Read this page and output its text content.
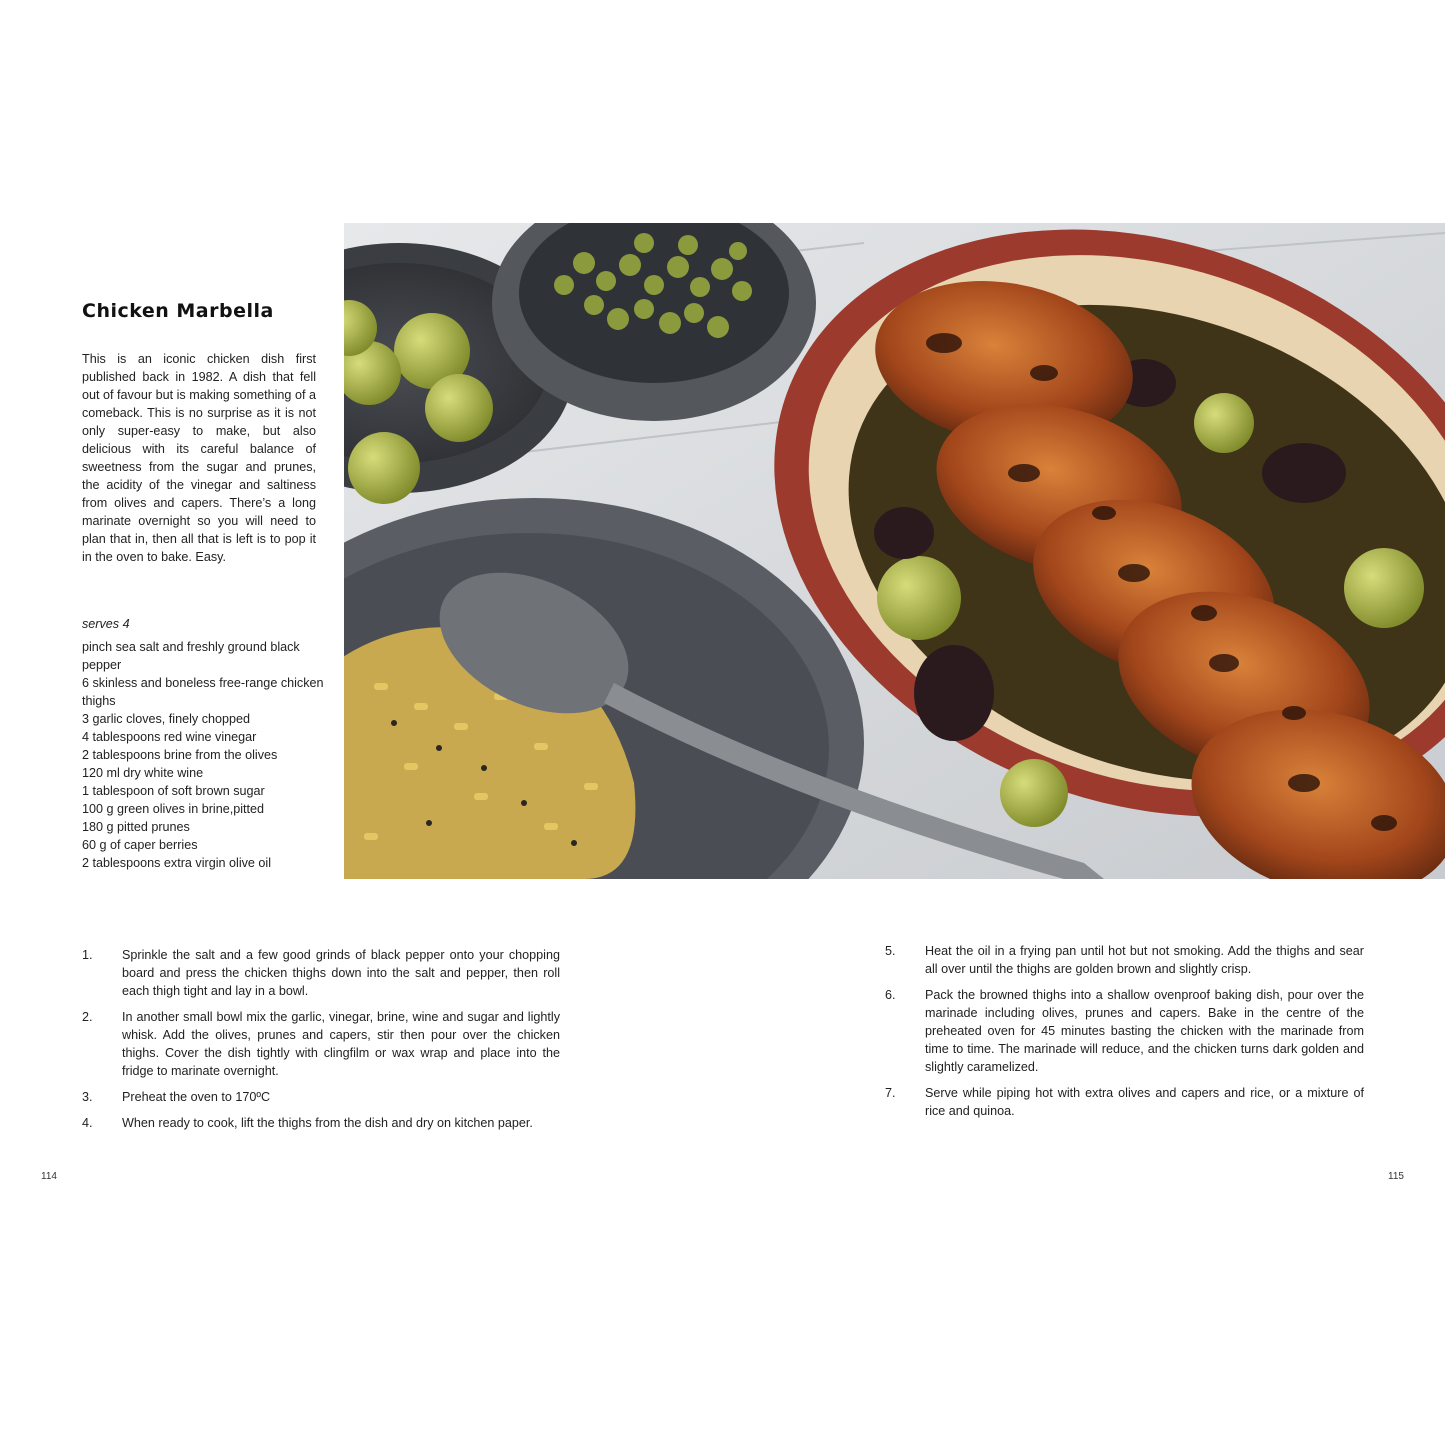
Chicken Marbella
This is an iconic chicken dish first published back in 1982. A dish that fell out of favour but is making something of a comeback. This is no surprise as it is not only super-easy to make, but also delicious with its careful balance of sweetness from the sugar and prunes, the acidity of the vinegar and saltiness from olives and capers. There’s a long marinate overnight so you will need to plan that in, then all that is left is to pop it in the oven to bake. Easy.
serves 4
pinch sea salt and freshly ground black pepper
6 skinless and boneless free-range chicken thighs
3 garlic cloves, finely chopped
4 tablespoons red wine vinegar
2 tablespoons brine from the olives
120 ml dry white wine
1 tablespoon of soft brown sugar
100 g green olives in brine,pitted
180 g pitted prunes
60 g of caper berries
2 tablespoons extra virgin olive oil
1.	Sprinkle the salt and a few good grinds of black pepper onto your chopping board and press the chicken thighs down into the salt and pepper, then roll each thigh tight and lay in a bowl.
2.	In another small bowl mix the garlic, vinegar, brine, wine and sugar and lightly whisk. Add the olives, prunes and capers, stir then pour over the chicken thighs. Cover the dish tightly with clingfilm or wax wrap and place into the fridge to marinate overnight.
3.	Preheat the oven to 170ºC
4.	When ready to cook, lift the thighs from the dish and dry on kitchen paper.
5.	Heat the oil in a frying pan until hot but not smoking. Add the thighs and sear all over until the thighs are golden brown and slightly crisp.
6.	Pack the browned thighs into a shallow ovenproof baking dish, pour over the marinade including olives, prunes and capers. Bake in the centre of the preheated oven for 45 minutes basting the chicken with the marinade from time to time. The marinade will reduce, and the chicken turns dark golden and slightly caramelized.
7.	Serve while piping hot with extra olives and capers and rice, or a mixture of rice and quinoa.
114	115
